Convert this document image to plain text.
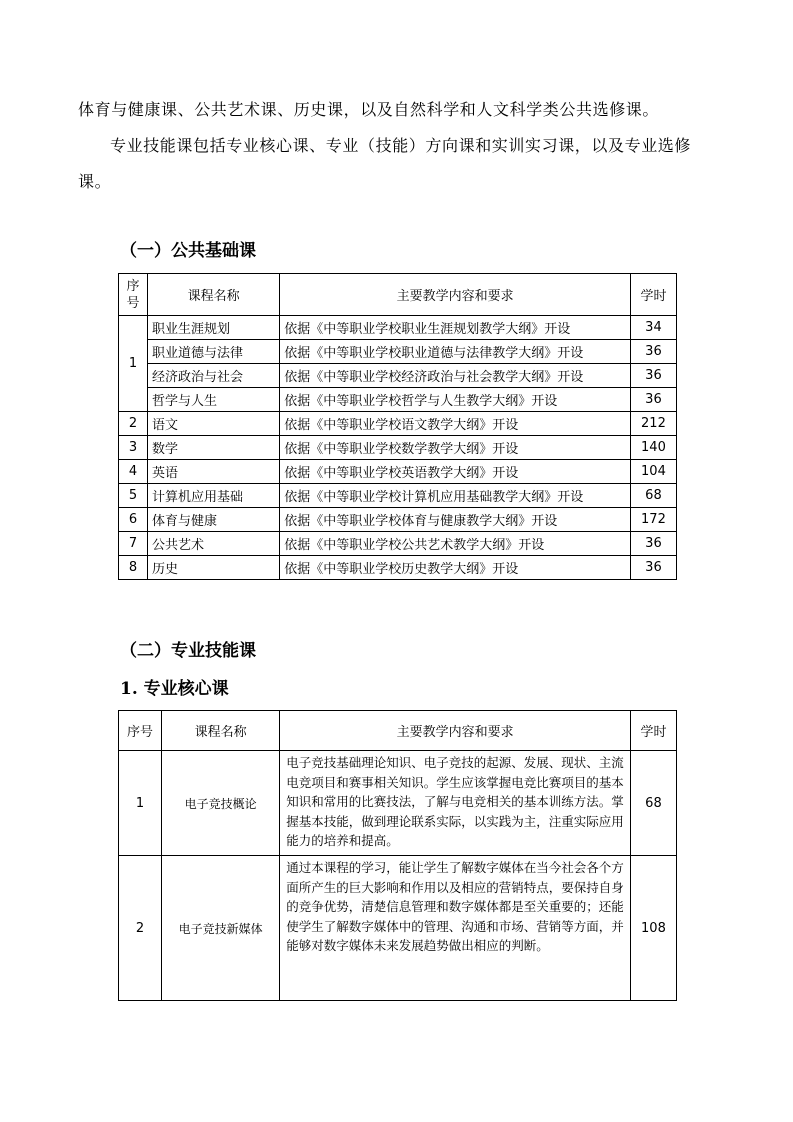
体育与健康课、公共艺术课、历史课，以及自然科学和人文科学类公共选修课。
专业技能课包括专业核心课、专业（技能）方向课和实训实习课，以及专业选修课。
（一）公共基础课
序号	课程名称	主要教学内容和要求	学时
1	职业生涯规划	依据《中等职业学校职业生涯规划教学大纲》开设	34
	职业道德与法律	依据《中等职业学校职业道德与法律教学大纲》开设	36
	经济政治与社会	依据《中等职业学校经济政治与社会教学大纲》开设	36
	哲学与人生	依据《中等职业学校哲学与人生教学大纲》开设	36
2	语文	依据《中等职业学校语文教学大纲》开设	212
3	数学	依据《中等职业学校数学教学大纲》开设	140
4	英语	依据《中等职业学校英语教学大纲》开设	104
5	计算机应用基础	依据《中等职业学校计算机应用基础教学大纲》开设	68
6	体育与健康	依据《中等职业学校体育与健康教学大纲》开设	172
7	公共艺术	依据《中等职业学校公共艺术教学大纲》开设	36
8	历史	依据《中等职业学校历史教学大纲》开设	36
（二）专业技能课
1. 专业核心课
序号	课程名称	主要教学内容和要求	学时
1	电子竞技概论	电子竞技基础理论知识、电子竞技的起源、发展、现状、主流电竞项目和赛事相关知识。学生应该掌握电竞比赛项目的基本知识和常用的比赛技法，了解与电竞相关的基本训练方法。掌握基本技能，做到理论联系实际，以实践为主，注重实际应用能力的培养和提高。	68
2	电子竞技新媒体	通过本课程的学习，能让学生了解数字媒体在当今社会各个方面所产生的巨大影响和作用以及相应的营销特点，要保持自身的竞争优势，清楚信息管理和数字媒体都是至关重要的；还能使学生了解数字媒体中的管理、沟通和市场、营销等方面，并能够对数字媒体未来发展趋势做出相应的判断。	108
